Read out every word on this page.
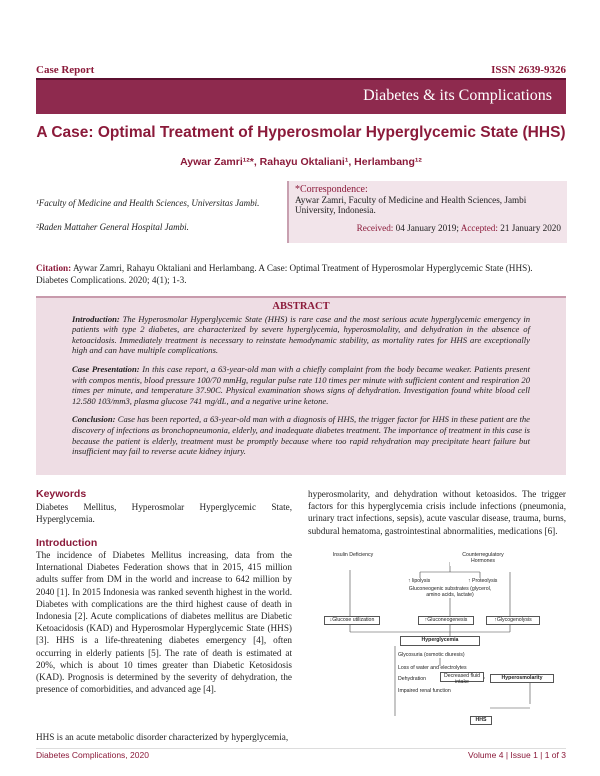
Case Report	ISSN 2639-9326
Diabetes & its Complications
A Case: Optimal Treatment of Hyperosmolar Hyperglycemic State (HHS)
Aywar Zamri¹²*, Rahayu Oktaliani¹, Herlambang¹²
¹Faculty of Medicine and Health Sciences, Universitas Jambi.
²Raden Mattaher General Hospital Jambi.
*Correspondence:
Aywar Zamri, Faculty of Medicine and Health Sciences, Jambi University, Indonesia.
Received: 04 January 2019; Accepted: 21 January 2020
Citation: Aywar Zamri, Rahayu Oktaliani and Herlambang. A Case: Optimal Treatment of Hyperosmolar Hyperglycemic State (HHS). Diabetes Complications. 2020; 4(1); 1-3.
ABSTRACT

Introduction: The Hyperosmolar Hyperglycemic State (HHS) is rare case and the most serious acute hyperglycemic emergency in patients with type 2 diabetes, are characterized by severe hyperglycemia, hyperosmolality, and dehydration in the absence of ketoacidosis. Immediately treatment is necessary to reinstate hemodynamic stability, as mortality rates for HHS are exceptionally high and can have multiple complications.

Case Presentation: In this case report, a 63-year-old man with a chiefly complaint from the body became weaker. Patients present with compos mentis, blood pressure 100/70 mmHg, regular pulse rate 110 times per minute with sufficient content and respiration 20 times per minute, and temperature 37.90C. Physical examination shows signs of dehydration. Investigation found white blood cell 12.580 103/mm3, plasma glucose 741 mg/dL, and a negative urine ketone.

Conclusion: Case has been reported, a 63-year-old man with a diagnosis of HHS, the trigger factor for HHS in these patient are the discovery of infections as bronchopneumonia, elderly, and inadequate diabetes treatment. The importance of treatment in this case is because the patient is elderly, treatment must be promptly because where too rapid rehydration may precipitate heart failure but insufficient may fail to reverse acute kidney injury.

Keywords
Diabetes Mellitus, Hyperosmolar Hyperglycemic State, Hyperglycemia.
Introduction
The incidence of Diabetes Mellitus increasing, data from the International Diabetes Federation shows that in 2015, 415 million adults suffer from DM in the world and increase to 642 million by 2040 [1]. In 2015 Indonesia was ranked seventh highest in the world. Diabetes with complications are the third highest cause of death in Indonesia [2]. Acute complications of diabetes mellitus are Diabetic Ketoacidosis (KAD) and Hyperosmolar Hyperglycemic State (HHS) [3]. HHS is a life-threatening diabetes emergency [4], often occurring in elderly patients [5]. The rate of death is estimated at 20%, which is about 10 times greater than Diabetic Ketosidosis (KAD). Prognosis is determined by the severity of dehydration, the presence of comorbidities, and advanced age [4].
HHS is an acute metabolic disorder characterized by hyperglycemia,
hyperosmolarity, and dehydration without ketoasidos. The trigger factors for this hyperglycemia crisis include infections (pneumonia, urinary tract infections, sepsis), acute vascular disease, trauma, burns, subdural hematoma, gastrointestinal abnormalities, medications [6].
Insulin Deficiency	Counterregulatory Hormones
↑ lipolysis	↑ Proteolysis
Gluconeogenic substrates (glycerol, amino acids, lactate)
↓Glucose utilization	↑Gluconeogenesis	↑Glycogenolysis
Hyperglycemia
Glycosuria (osmotic diuresis)
Loss of water and electrolytes
Dehydration	Decreased fluid intake
Impaired renal function
Hyperosmolarity
HHS
Diabetes Complications, 2020	Volume 4 | Issue 1 | 1 of 3
